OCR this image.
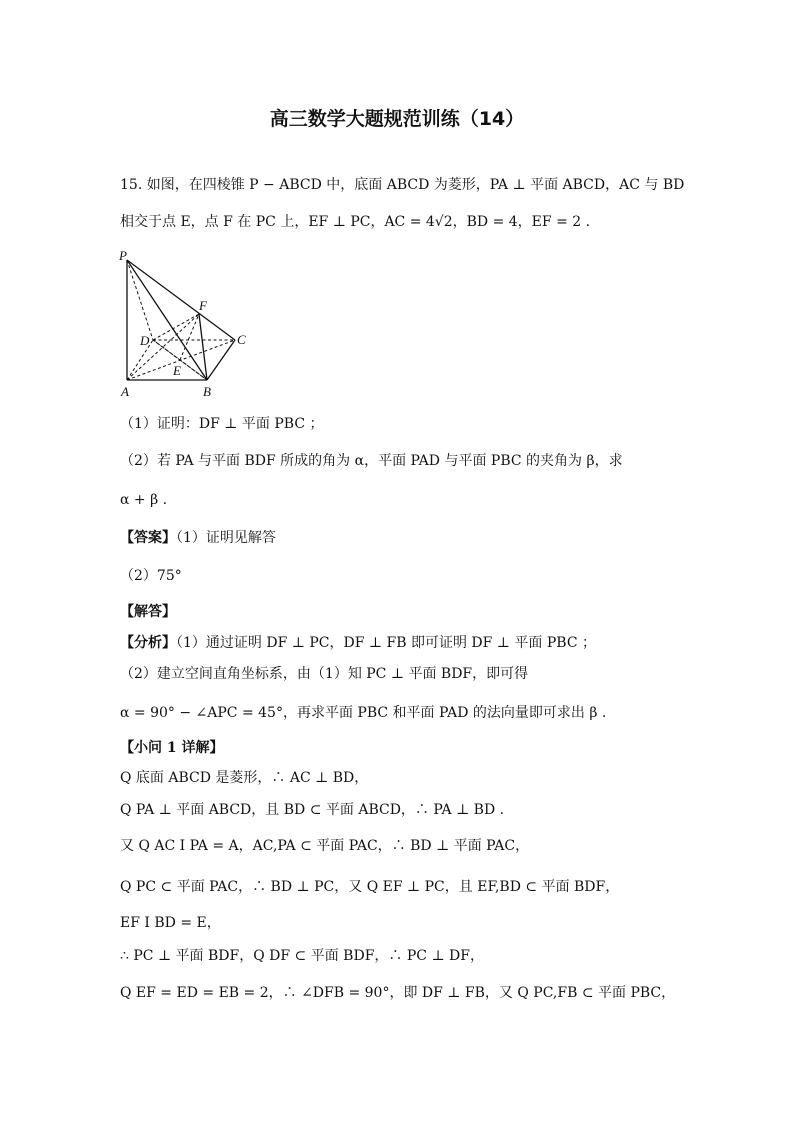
高三数学大题规范训练（14）
15. 如图，在四棱锥 P − ABCD 中，底面 ABCD 为菱形，PA ⊥ 平面 ABCD，AC 与 BD
相交于点 E，点 F 在 PC 上，EF ⊥ PC，AC = 4√2，BD = 4，EF = 2 .
P
A	B
C
D
E
F
（1）证明：DF ⊥ 平面 PBC ；
（2）若 PA 与平面 BDF 所成的角为 α，平面 PAD 与平面 PBC 的夹角为 β，求
α + β .
【答案】（1）证明见解答
（2）75°
【解答】
【分析】（1）通过证明 DF ⊥ PC，DF ⊥ FB 即可证明 DF ⊥ 平面 PBC ；
（2）建立空间直角坐标系，由（1）知 PC ⊥ 平面 BDF，即可得
α = 90° − ∠APC = 45°，再求平面 PBC 和平面 PAD 的法向量即可求出 β .
【小问 1 详解】
Q 底面 ABCD 是菱形，∴ AC ⊥ BD，
Q PA ⊥ 平面 ABCD，且 BD ⊂ 平面 ABCD，∴ PA ⊥ BD .
又 Q AC I PA = A，AC,PA ⊂ 平面 PAC，∴ BD ⊥ 平面 PAC，
Q PC ⊂ 平面 PAC，∴ BD ⊥ PC，又 Q EF ⊥ PC，且 EF,BD ⊂ 平面 BDF，
EF I BD = E，
∴ PC ⊥ 平面 BDF，Q DF ⊂ 平面 BDF，∴ PC ⊥ DF，
Q EF = ED = EB = 2，∴ ∠DFB = 90°，即 DF ⊥ FB，又 Q PC,FB ⊂ 平面 PBC，
